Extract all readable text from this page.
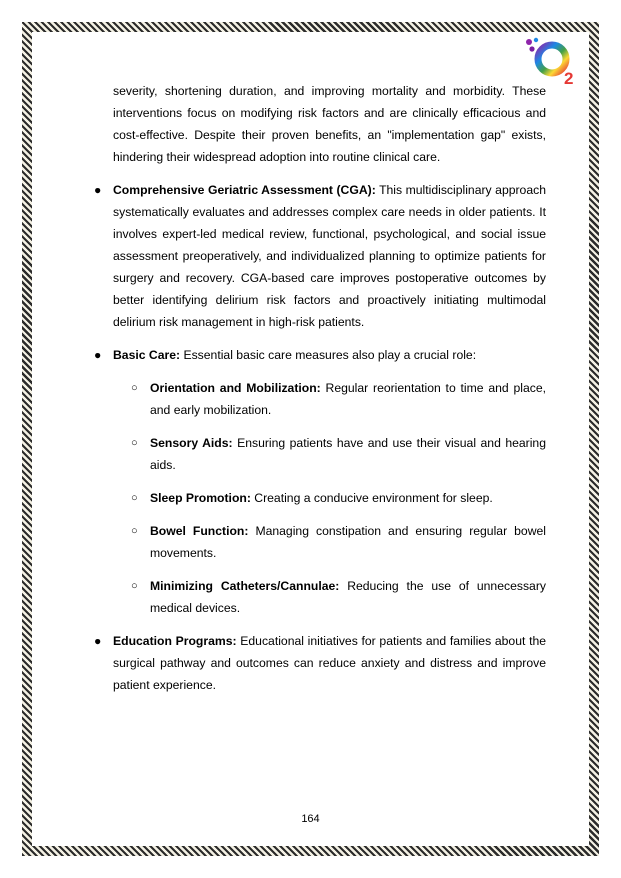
2

severity, shortening duration, and improving mortality and morbidity. These interventions focus on modifying risk factors and are clinically efficacious and cost-effective. Despite their proven benefits, an "implementation gap" exists, hindering their widespread adoption into routine clinical care.

● Comprehensive Geriatric Assessment (CGA): This multidisciplinary approach systematically evaluates and addresses complex care needs in older patients. It involves expert-led medical review, functional, psychological, and social issue assessment preoperatively, and individualized planning to optimize patients for surgery and recovery. CGA-based care improves postoperative outcomes by better identifying delirium risk factors and proactively initiating multimodal delirium risk management in high-risk patients.
● Basic Care: Essential basic care measures also play a crucial role:
○ Orientation and Mobilization: Regular reorientation to time and place, and early mobilization.
○ Sensory Aids: Ensuring patients have and use their visual and hearing aids.
○ Sleep Promotion: Creating a conducive environment for sleep.
○ Bowel Function: Managing constipation and ensuring regular bowel movements.
○ Minimizing Catheters/Cannulae: Reducing the use of unnecessary medical devices.
● Education Programs: Educational initiatives for patients and families about the surgical pathway and outcomes can reduce anxiety and distress and improve patient experience.
164
